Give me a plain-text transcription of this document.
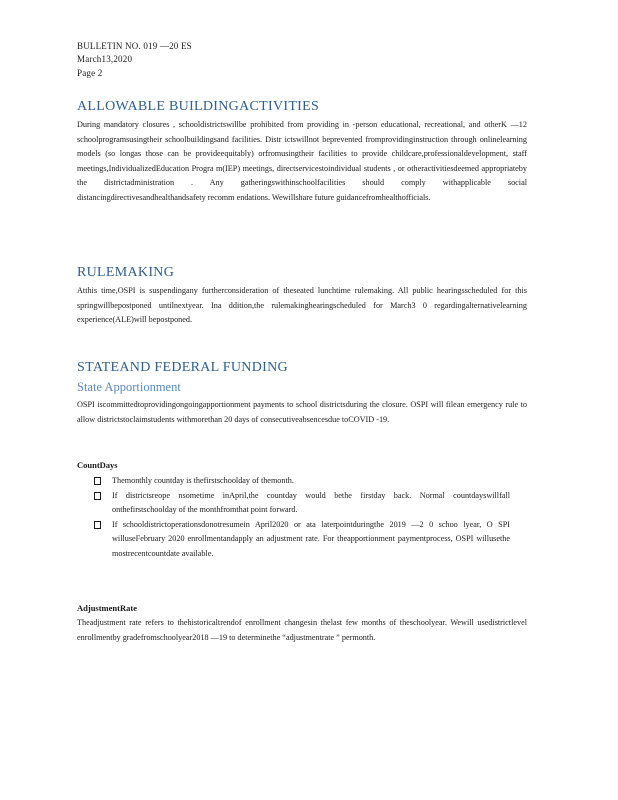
BULLETIN NO. 019 —20 ES
March13,2020
Page 2
ALLOWABLE BUILDINGACTIVITIES

During mandatory closures , schooldistrictswillbe prohibited from providing in -person educational, recreational, and otherK —12 schoolprogramsusingtheir schoolbuildingsand facilities. Distr ictswillnot beprevented fromprovidinginstruction through onlinelearning models (so longas those can be provideequitably) orfromusingtheir facilities to provide childcare,professionaldevelopment, staff meetings,IndividualizedEducation Progra m(IEP) meetings, directservicestoindividual students , or otheractivitiesdeemed appropriateby the districtadministration . Any gatheringswithinschoolfacilities should comply withapplicable social distancingdirectivesandhealthandsafety recomm endations. Wewillshare future guidancefromhealthofficials.

RULEMAKING

Atthis time,OSPI is suspendingany furtherconsideration of theseated lunchtime rulemaking. All public hearingsscheduled for this springwillbepostponed untilnextyear. Ina ddition,the rulemakinghearingscheduled for March3 0 regardingalternativelearning experience(ALE)will bepostponed.

STATEAND FEDERAL FUNDING
State Apportionment

OSPI iscommittedtoprovidingongoingapportionment payments to school districtsduring the closure. OSPI will filean emergency rule to allow districtstoclaimstudents withmorethan 20 days of consecutiveabsencesdue toCOVID -19.

CountDays
Themonthly countday is thefirstschoolday of themonth.
If districtsreope nsometime inApril,the countday would bethe firstday back. Normal countdayswillfall onthefirstschoolday of the monthfromthat point forward.
If schooldistrictoperationsdonotresumein April2020 or ata laterpointduringthe 2019 —2 0 schoo lyear, O SPI willuseFebruary 2020 enrollmentandapply an adjustment rate. For theapportionment paymentprocess, OSPI willusethe mostrecentcountdate available.
AdjustmentRate

Theadjustment rate refers to thehistoricaltrendof enrollment changesin thelast few months of theschoolyear. Wewill usedistrictlevel enrollmentby gradefromschoolyear2018 —19 to determinethe “adjustmentrate ” permonth.
